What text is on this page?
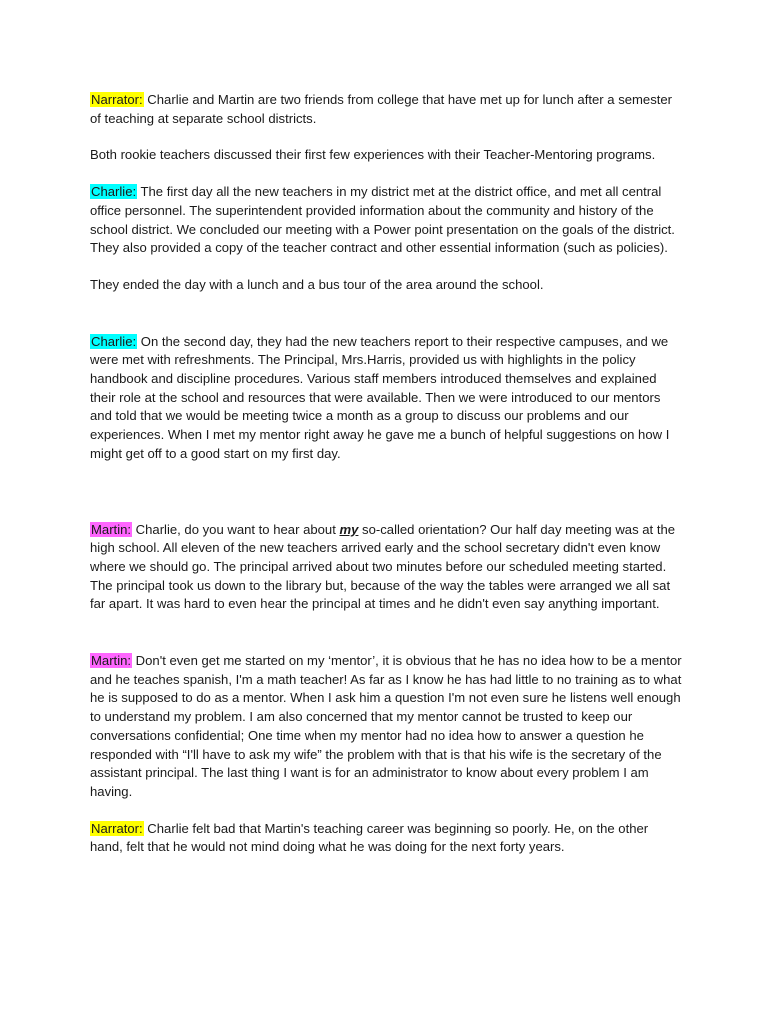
Narrator: Charlie and Martin are two friends from college that have met up for lunch after a semester of teaching at separate school districts.

Both rookie teachers discussed their first few experiences with their Teacher-Mentoring programs.

Charlie: The first day all the new teachers in my district met at the district office, and met all central office personnel. The superintendent provided information about the community and history of the school district. We concluded our meeting with a Power point presentation on the goals of the district. They also provided a copy of the teacher contract and other essential information (such as policies).

They ended the day with a lunch and a bus tour of the area around the school.

Charlie: On the second day, they had the new teachers report to their respective campuses, and we were met with refreshments. The Principal, Mrs.Harris, provided us with highlights in the policy handbook and discipline procedures. Various staff members introduced themselves and explained their role at the school and resources that were available. Then we were introduced to our mentors and told that we would be meeting twice a month as a group to discuss our problems and our experiences. When I met my mentor right away he gave me a bunch of helpful suggestions on how I might get off to a good start on my first day.

Martin: Charlie, do you want to hear about my so-called orientation? Our half day meeting was at the high school. All eleven of the new teachers arrived early and the school secretary didn't even know where we should go. The principal arrived about two minutes before our scheduled meeting started. The principal took us down to the library but, because of the way the tables were arranged we all sat far apart. It was hard to even hear the principal at times and he didn't even say anything important.

Martin: Don't even get me started on my ‘mentor’, it is obvious that he has no idea how to be a mentor and he teaches spanish, I'm a math teacher! As far as I know he has had little to no training as to what he is supposed to do as a mentor. When I ask him a question I'm not even sure he listens well enough to understand my problem. I am also concerned that my mentor cannot be trusted to keep our conversations confidential; One time when my mentor had no idea how to answer a question he responded with “I'll have to ask my wife” the problem with that is that his wife is the secretary of the assistant principal. The last thing I want is for an administrator to know about every problem I am having.

Narrator: Charlie felt bad that Martin's teaching career was beginning so poorly. He, on the other hand, felt that he would not mind doing what he was doing for the next forty years.
